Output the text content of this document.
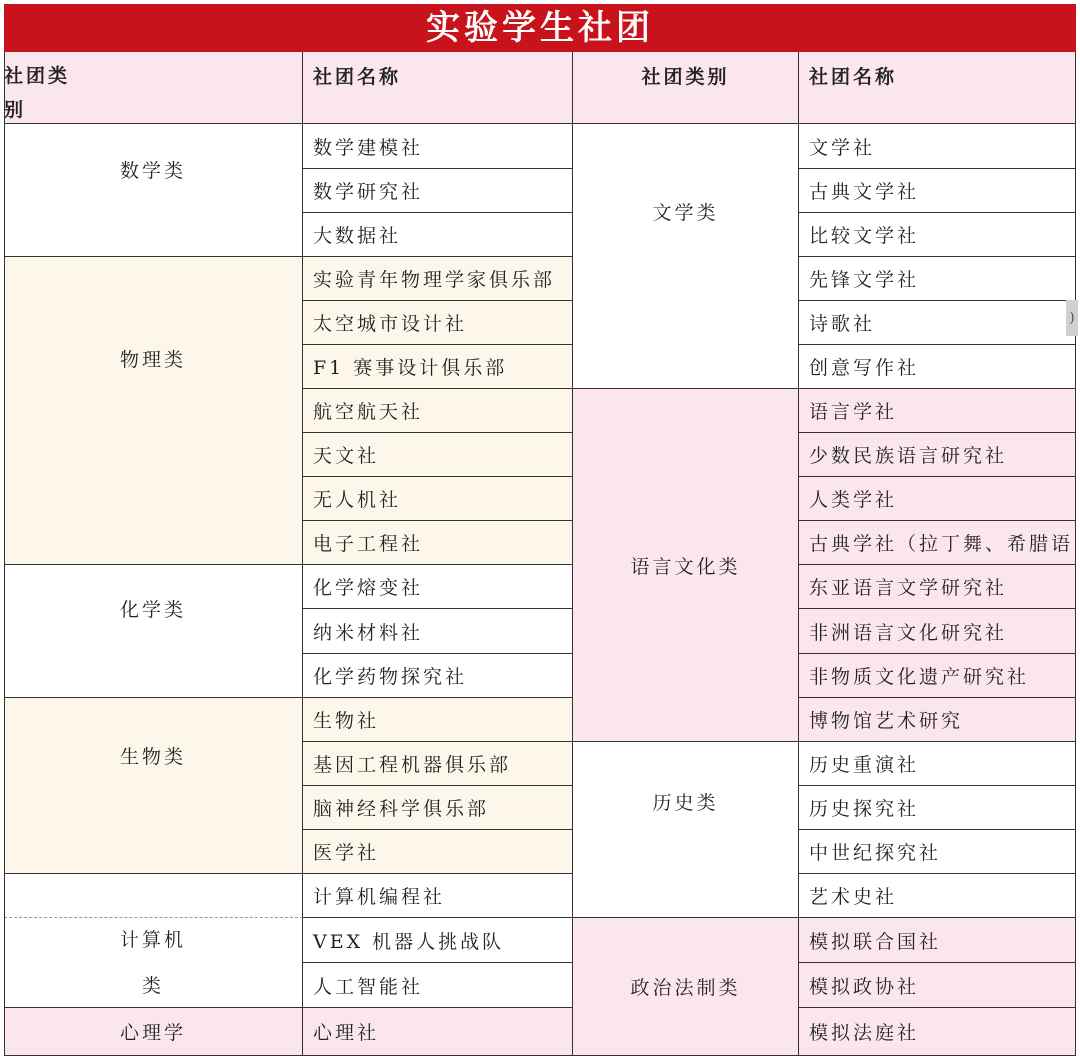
实验学生社团
社团类
别
社团名称	社团类别	社团名称
数学类
物理类
化学类
生物类
计算机
类
心理学
数学建模社
数学研究社
大数据社
实验青年物理学家俱乐部
太空城市设计社
F1 赛事设计俱乐部
航空航天社
天文社
无人机社
电子工程社
化学熔变社
纳米材料社
化学药物探究社
生物社
基因工程机器俱乐部
脑神经科学俱乐部
医学社
计算机编程社
VEX 机器人挑战队
人工智能社
心理社
文学类
语言文化类
历史类
政治法制类
文学社
古典文学社
比较文学社
先锋文学社
诗歌社
创意写作社
语言学社
少数民族语言研究社
人类学社
古典学社（拉丁舞、希腊语
东亚语言文学研究社
非洲语言文化研究社
非物质文化遗产研究社
博物馆艺术研究
历史重演社
历史探究社
中世纪探究社
艺术史社
模拟联合国社
模拟政协社
模拟法庭社
)
